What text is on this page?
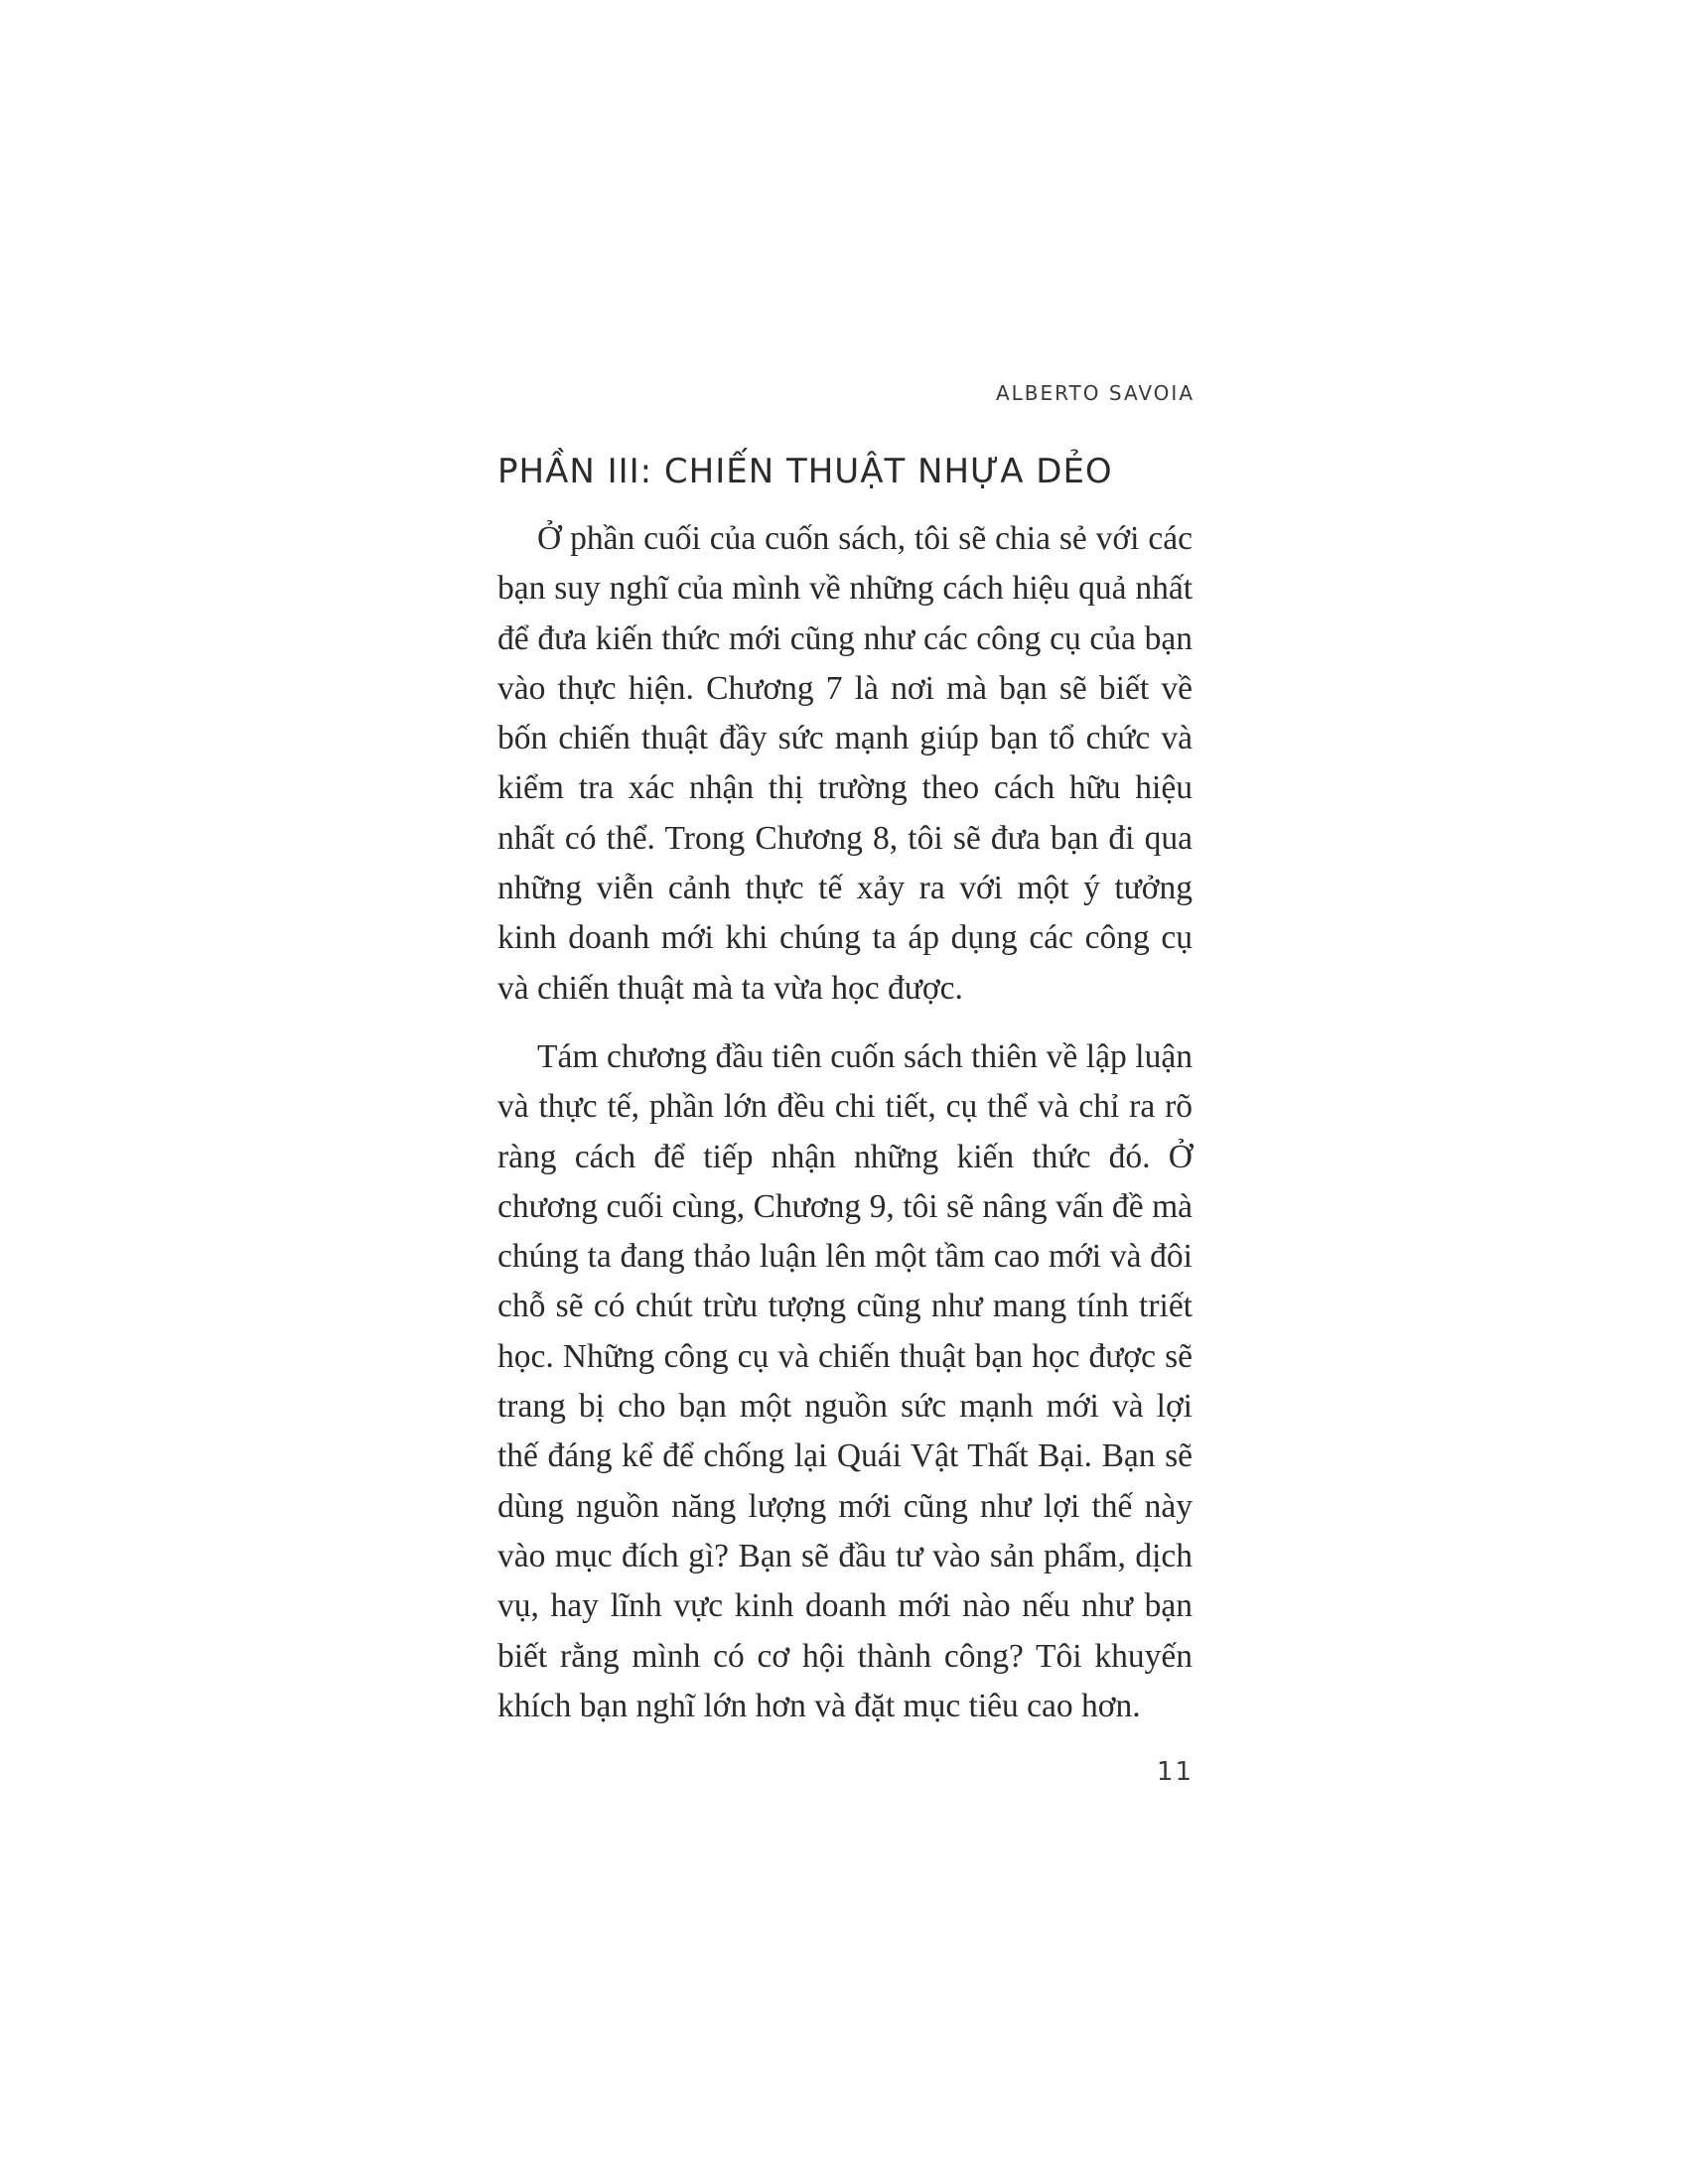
ALBERTO SAVOIA
PHẦN III: CHIẾN THUẬT NHỰA DẺO

Ở phần cuối của cuốn sách, tôi sẽ chia sẻ với các bạn suy nghĩ của mình về những cách hiệu quả nhất để đưa kiến thức mới cũng như các công cụ của bạn vào thực hiện. Chương 7 là nơi mà bạn sẽ biết về bốn chiến thuật đầy sức mạnh giúp bạn tổ chức và kiểm tra xác nhận thị trường theo cách hữu hiệu nhất có thể. Trong Chương 8, tôi sẽ đưa bạn đi qua những viễn cảnh thực tế xảy ra với một ý tưởng kinh doanh mới khi chúng ta áp dụng các công cụ và chiến thuật mà ta vừa học được.

Tám chương đầu tiên cuốn sách thiên về lập luận và thực tế, phần lớn đều chi tiết, cụ thể và chỉ ra rõ ràng cách để tiếp nhận những kiến thức đó. Ở chương cuối cùng, Chương 9, tôi sẽ nâng vấn đề mà chúng ta đang thảo luận lên một tầm cao mới và đôi chỗ sẽ có chút trừu tượng cũng như mang tính triết học. Những công cụ và chiến thuật bạn học được sẽ trang bị cho bạn một nguồn sức mạnh mới và lợi thế đáng kể để chống lại Quái Vật Thất Bại. Bạn sẽ dùng nguồn năng lượng mới cũng như lợi thế này vào mục đích gì? Bạn sẽ đầu tư vào sản phẩm, dịch vụ, hay lĩnh vực kinh doanh mới nào nếu như bạn biết rằng mình có cơ hội thành công? Tôi khuyến khích bạn nghĩ lớn hơn và đặt mục tiêu cao hơn.

11
